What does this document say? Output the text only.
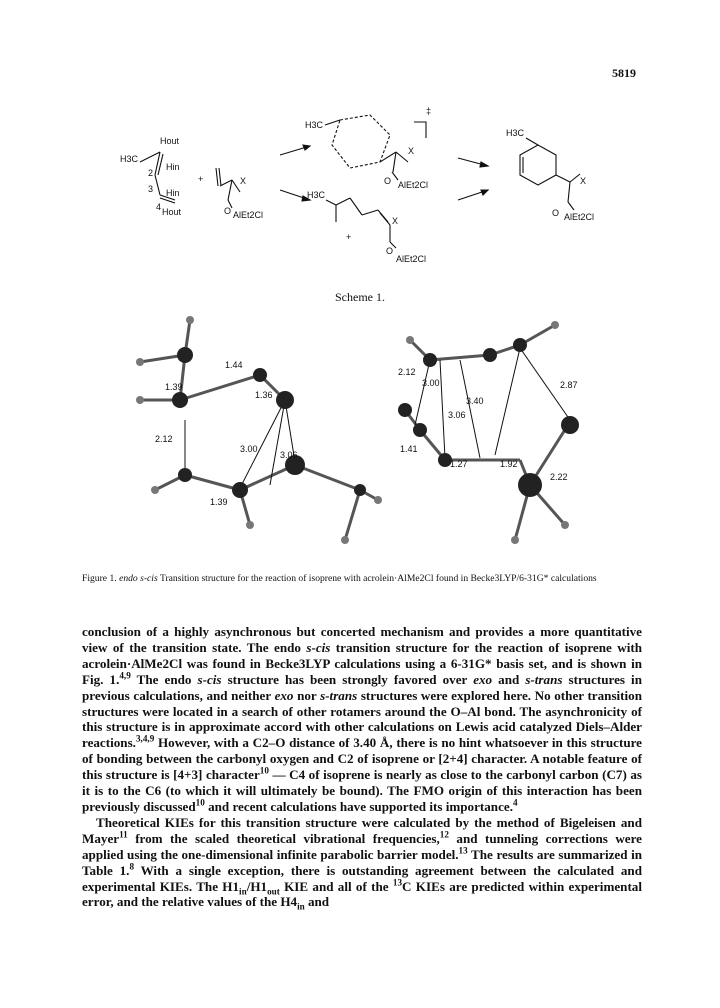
5819
H3C
Hout
Hin
Hin
Hout
2
3
4
+	X
O AlEt2Cl
H3C
‡
X
O AlEt2Cl
H3C
X
+
O
AlEt2Cl
H3C
X
O AlEt2Cl
Scheme 1.
1.44
1.39
1.36
2.12
3.00
3.06
1.39
2.12
3.00
3.40
3.06
2.87
1.41
1.27	1.92
2.22
Figure 1. endo s-cis Transition structure for the reaction of isoprene with acrolein·AlMe2Cl found in Becke3LYP/6-31G* calculations

conclusion of a highly asynchronous but concerted mechanism and provides a more quantitative view of the transition state. The endo s-cis transition structure for the reaction of isoprene with acrolein·AlMe2Cl was found in Becke3LYP calculations using a 6-31G* basis set, and is shown in Fig. 1.$^{4,9}$ The endo s-cis structure has been strongly favored over exo and s-trans structures in previous calculations, and neither exo nor s-trans structures were explored here. No other transition structures were located in a search of other rotamers around the O–Al bond. The asynchronicity of this structure is in approximate accord with other calculations on Lewis acid catalyzed Diels–Alder reactions.$^{3,4,9}$ However, with a C2–O distance of 3.40 Å, there is no hint whatsoever in this structure of bonding between the carbonyl oxygen and C2 of isoprene or [2+4] character. A notable feature of this structure is [4+3] character$^{10}$ — C4 of isoprene is nearly as close to the carbonyl carbon (C7) as it is to the C6 (to which it will ultimately be bound). The FMO origin of this interaction has been previously discussed$^{10}$ and recent calculations have supported its importance.$^4$

Theoretical KIEs for this transition structure were calculated by the method of Bigeleisen and Mayer$^{11}$ from the scaled theoretical vibrational frequencies,$^{12}$ and tunneling corrections were applied using the one-dimensional infinite parabolic barrier model.$^{13}$ The results are summarized in Table 1.$^8$ With a single exception, there is outstanding agreement between the calculated and experimental KIEs. The $H1_{in}/H1_{out}$ KIE and all of the $^{13}$C KIEs are predicted within experimental error, and the relative values of the $H4_{in}$ and
